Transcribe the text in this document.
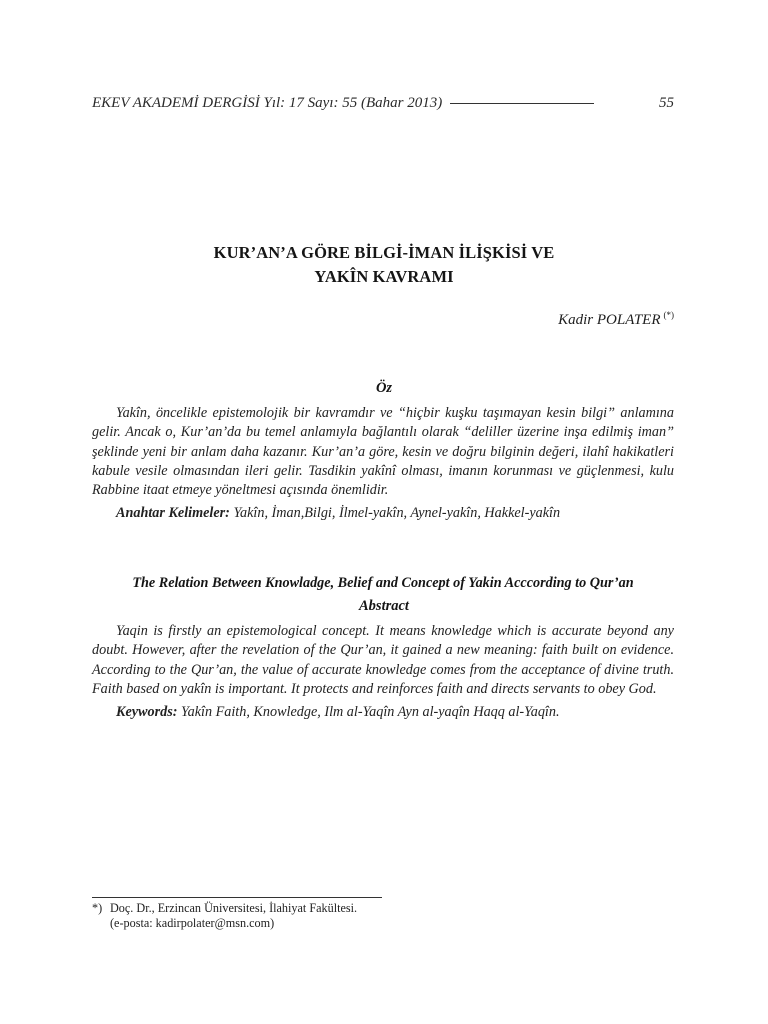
EKEV AKADEMİ DERGİSİ Yıl: 17 Sayı: 55 (Bahar 2013)	55
KUR’AN’A GÖRE BİLGİ-İMAN İLİŞKİSİ VE
YAKÎN KAVRAMI
Kadir POLATER (*)
Öz

Yakîn, öncelikle epistemolojik bir kavramdır ve “hiçbir kuşku taşımayan kesin bilgi” anlamına gelir. Ancak o, Kur’an’da bu temel anlamıyla bağlantılı olarak “deliller üzerine inşa edilmiş iman” şeklinde yeni bir anlam daha kazanır. Kur’an’a göre, kesin ve doğru bilginin değeri, ilahî hakikatleri kabule vesile olmasından ileri gelir. Tasdikin yakînî olması, imanın korunması ve güçlenmesi, kulu Rabbine itaat etmeye yöneltmesi açısında önemlidir.

Anahtar Kelimeler: Yakîn, İman,Bilgi, İlmel-yakîn, Aynel-yakîn, Hakkel-yakîn

The Relation Between Knowladge, Belief and Concept of Yakin Acccording to Qur’an
Abstract

Yaqin is firstly an epistemological concept. It means knowledge which is accurate beyond any doubt. However, after the revelation of the Qur’an, it gained a new meaning: faith built on evidence. According to the Qur’an, the value of accurate knowledge comes from the acceptance of divine truth. Faith based on yakîn is important. It protects and reinforces faith and directs servants to obey God.

Keywords: Yakîn Faith, Knowledge, Ilm al-Yaqîn Ayn al-yaqîn Haqq al-Yaqîn.

*) Doç. Dr., Erzincan Üniversitesi, İlahiyat Fakültesi.
(e-posta: kadirpolater@msn.com)
